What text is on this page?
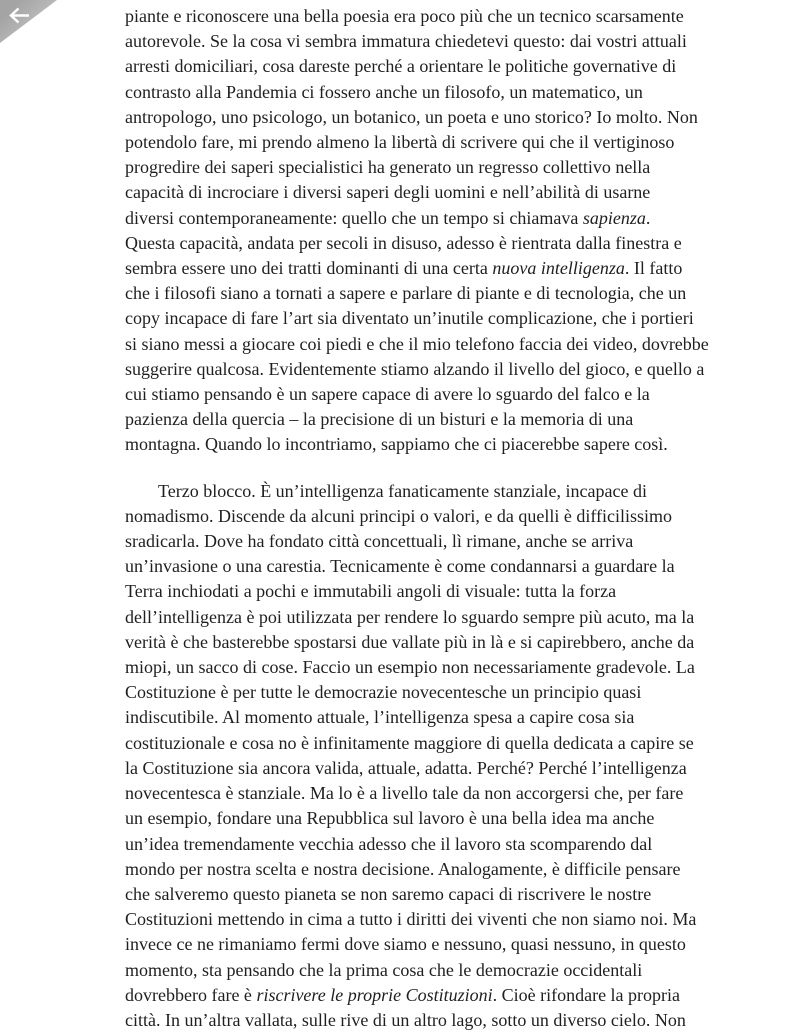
piante e riconoscere una bella poesia era poco più che un tecnico scarsamente
autorevole. Se la cosa vi sembra immatura chiedetevi questo: dai vostri attuali
arresti domiciliari, cosa dareste perché a orientare le politiche governative di
contrasto alla Pandemia ci fossero anche un filosofo, un matematico, un
antropologo, uno psicologo, un botanico, un poeta e uno storico? Io molto. Non
potendolo fare, mi prendo almeno la libertà di scrivere qui che il vertiginoso
progredire dei saperi specialistici ha generato un regresso collettivo nella
capacità di incrociare i diversi saperi degli uomini e nell’abilità di usarne
diversi contemporaneamente: quello che un tempo si chiamava sapienza.
Questa capacità, andata per secoli in disuso, adesso è rientrata dalla finestra e
sembra essere uno dei tratti dominanti di una certa nuova intelligenza. Il fatto
che i filosofi siano a tornati a sapere e parlare di piante e di tecnologia, che un
copy incapace di fare l’art sia diventato un’inutile complicazione, che i portieri
si siano messi a giocare coi piedi e che il mio telefono faccia dei video, dovrebbe
suggerire qualcosa. Evidentemente stiamo alzando il livello del gioco, e quello a
cui stiamo pensando è un sapere capace di avere lo sguardo del falco e la
pazienza della quercia – la precisione di un bisturi e la memoria di una
montagna. Quando lo incontriamo, sappiamo che ci piacerebbe sapere così.
Terzo blocco. È un’intelligenza fanaticamente stanziale, incapace di
nomadismo. Discende da alcuni principi o valori, e da quelli è difficilissimo
sradicarla. Dove ha fondato città concettuali, lì rimane, anche se arriva
un’invasione o una carestia. Tecnicamente è come condannarsi a guardare la
Terra inchiodati a pochi e immutabili angoli di visuale: tutta la forza
dell’intelligenza è poi utilizzata per rendere lo sguardo sempre più acuto, ma la
verità è che basterebbe spostarsi due vallate più in là e si capirebbero, anche da
miopi, un sacco di cose. Faccio un esempio non necessariamente gradevole. La
Costituzione è per tutte le democrazie novecentesche un principio quasi
indiscutibile. Al momento attuale, l’intelligenza spesa a capire cosa sia
costituzionale e cosa no è infinitamente maggiore di quella dedicata a capire se
la Costituzione sia ancora valida, attuale, adatta. Perché? Perché l’intelligenza
novecentesca è stanziale. Ma lo è a livello tale da non accorgersi che, per fare
un esempio, fondare una Repubblica sul lavoro è una bella idea ma anche
un’idea tremendamente vecchia adesso che il lavoro sta scomparendo dal
mondo per nostra scelta e nostra decisione. Analogamente, è difficile pensare
che salveremo questo pianeta se non saremo capaci di riscrivere le nostre
Costituzioni mettendo in cima a tutto i diritti dei viventi che non siamo noi. Ma
invece ce ne rimaniamo fermi dove siamo e nessuno, quasi nessuno, in questo
momento, sta pensando che la prima cosa che le democrazie occidentali
dovrebbero fare è riscrivere le proprie Costituzioni. Cioè rifondare la propria
città. In un’altra vallata, sulle rive di un altro lago, sotto un diverso cielo. Non
